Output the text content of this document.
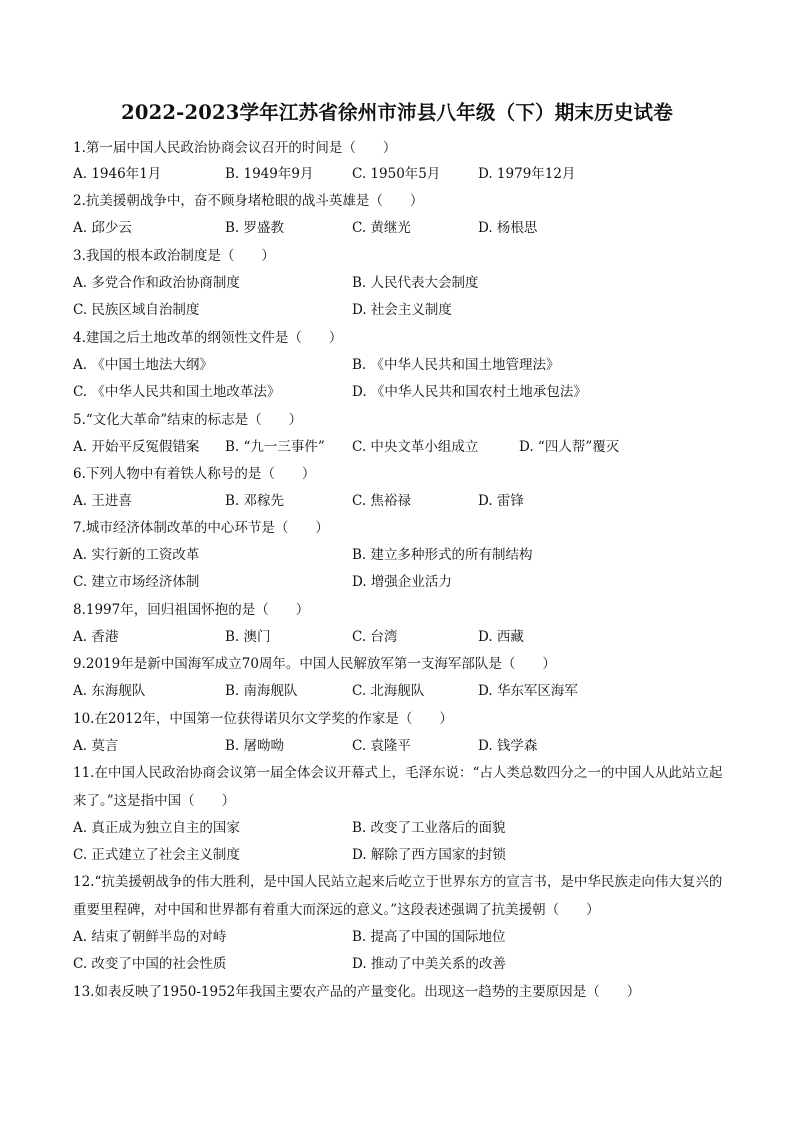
2022-2023学年江苏省徐州市沛县八年级（下）期末历史试卷
1.第一届中国人民政治协商会议召开的时间是（　　）
A. 1946年1月	B. 1949年9月	C. 1950年5月	D. 1979年12月
2.抗美援朝战争中，奋不顾身堵枪眼的战斗英雄是（　　）
A. 邱少云	B. 罗盛教	C. 黄继光	D. 杨根思
3.我国的根本政治制度是（　　）
A. 多党合作和政治协商制度	B. 人民代表大会制度
C. 民族区域自治制度	D. 社会主义制度
4.建国之后土地改革的纲领性文件是（　　）
A. 《中国土地法大纲》	B. 《中华人民共和国土地管理法》
C. 《中华人民共和国土地改革法》	D. 《中华人民共和国农村土地承包法》
5.“文化大革命”结束的标志是（　　）
A. 开始平反冤假错案 B. “九一三事件” C. 中央文革小组成立	D. “四人帮”覆灭
6.下列人物中有着铁人称号的是（　　）
A. 王进喜	B. 邓稼先	C. 焦裕禄	D. 雷锋
7.城市经济体制改革的中心环节是（　　）
A. 实行新的工资改革	B. 建立多种形式的所有制结构
C. 建立市场经济体制	D. 增强企业活力
8.1997年，回归祖国怀抱的是（　　）
A. 香港	B. 澳门	C. 台湾	D. 西藏
9.2019年是新中国海军成立70周年。中国人民解放军第一支海军部队是（　　）
A. 东海舰队	B. 南海舰队	C. 北海舰队	D. 华东军区海军
10.在2012年，中国第一位获得诺贝尔文学奖的作家是（　　）
A. 莫言	B. 屠呦呦	C. 袁隆平	D. 钱学森
11.在中国人民政治协商会议第一届全体会议开幕式上，毛泽东说：“占人类总数四分之一的中国人从此站立起来了。”这是指中国（　　）
A. 真正成为独立自主的国家	B. 改变了工业落后的面貌
C. 正式建立了社会主义制度	D. 解除了西方国家的封锁
12.“抗美援朝战争的伟大胜利，是中国人民站立起来后屹立于世界东方的宣言书，是中华民族走向伟大复兴的重要里程碑，对中国和世界都有着重大而深远的意义。”这段表述强调了抗美援朝（　　）
A. 结束了朝鲜半岛的对峙	B. 提高了中国的国际地位
C. 改变了中国的社会性质	D. 推动了中美关系的改善
13.如表反映了1950-1952年我国主要农产品的产量变化。出现这一趋势的主要原因是（　　）
